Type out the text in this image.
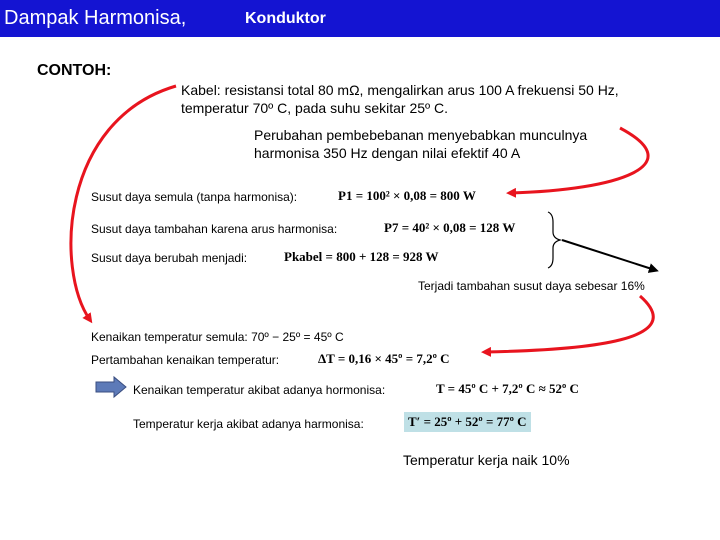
Dampak Harmonisa,	Konduktor
CONTOH:
Kabel: resistansi total 80 mΩ, mengalirkan arus 100 A frekuensi 50 Hz,
temperatur 70º C, pada suhu sekitar 25º C.
Perubahan pembebebanan menyebabkan munculnya
harmonisa 350 Hz dengan nilai efektif 40 A
Susut daya semula (tanpa harmonisa):	P1 = 100² × 0,08 = 800 W
Susut daya tambahan karena arus harmonisa:	P7 = 40² × 0,08 = 128 W
Susut daya berubah menjadi:	Pkabel = 800 + 128 = 928 W
Terjadi tambahan susut daya sebesar 16%
Kenaikan temperatur semula: 70º − 25º = 45º C
Pertambahan kenaikan temperatur:	ΔT = 0,16 × 45º = 7,2º C
Kenaikan temperatur akibat adanya hormonisa:	T = 45º C + 7,2º C ≈ 52º C
Temperatur kerja akibat adanya harmonisa:	T′ = 25º + 52º = 77º C
Temperatur kerja naik 10%
